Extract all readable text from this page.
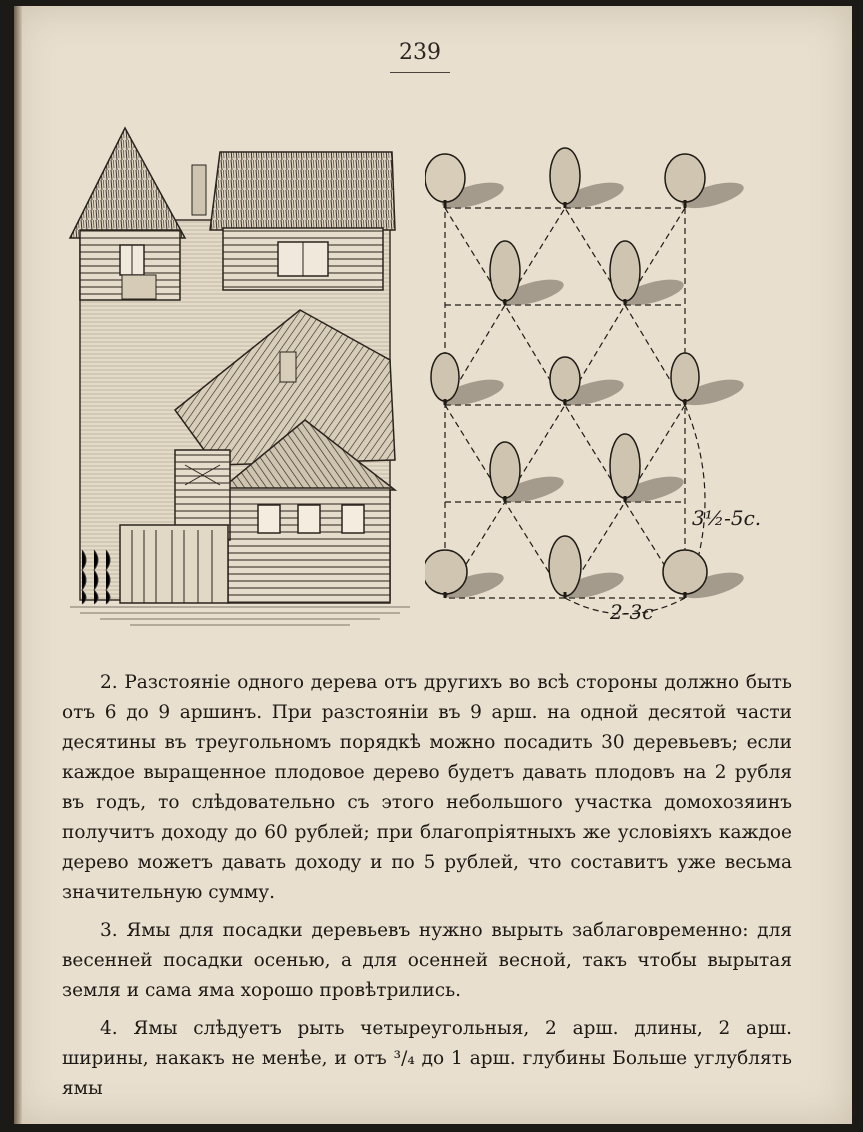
239
3½-5с.
2-3с

2. Разстояніе одного дерева отъ другихъ во всѣ стороны должно быть отъ 6 до 9 аршинъ. При разстояніи въ 9 арш. на одной десятой части десятины въ треугольномъ порядкѣ можно посадить 30 деревьевъ; если каждое выращенное плодовое дерево будетъ давать плодовъ на 2 рубля въ годъ, то слѣдовательно съ этого небольшого участка домохозяинъ получитъ доходу до 60 рублей; при благопріятныхъ же условіяхъ каждое дерево можетъ давать доходу и по 5 рублей, что составитъ уже весьма значительную сумму.

3. Ямы для посадки деревьевъ нужно вырыть заблаговременно: для весенней посадки осенью, а для осенней весной, такъ чтобы вырытая земля и сама яма хорошо провѣтрились.

4. Ямы слѣдуетъ рыть четыреугольныя, 2 арш. длины, 2 арш. ширины, накакъ не менѣе, и отъ ³/₄ до 1 арш. глубины Больше углублять ямы
